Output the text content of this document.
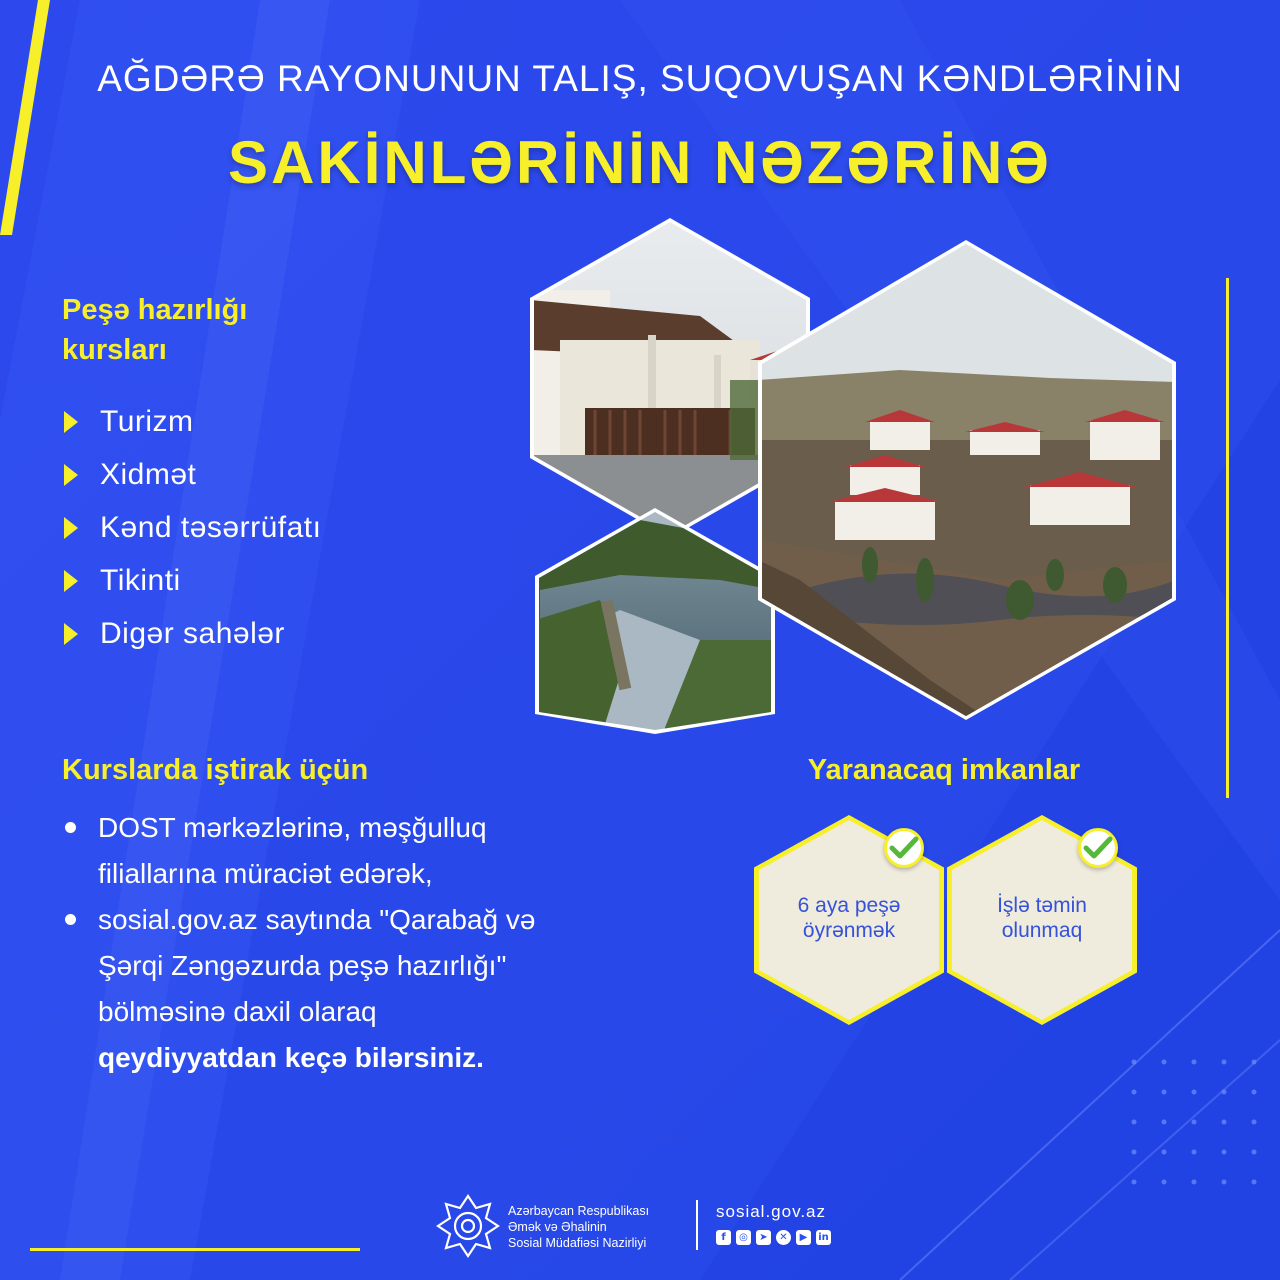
AĞDƏRƏ RAYONUNUN TALIŞ, SUQOVUŞAN KƏNDLƏRİNİN
SAKİNLƏRİNİN NƏZƏRİNƏ
Peşə hazırlığı
kursları
Turizm
Xidmət
Kənd təsərrüfatı
Tikinti
Digər sahələr
Kurslarda iştirak üçün
DOST mərkəzlərinə, məşğulluq
filiallarına müraciət edərək,
sosial.gov.az saytında "Qarabağ və
Şərqi Zəngəzurda peşə hazırlığı"
bölməsinə daxil olaraq
qeydiyyatdan keçə bilərsiniz.
Yaranacaq imkanlar
6 aya peşə
öyrənmək
İşlə təmin
olunmaq
Azərbaycan Respublikası
Əmək və Əhalinin
Sosial Müdafiəsi Nazirliyi
sosial.gov.az
f	◎	➤	✕	▶	in
